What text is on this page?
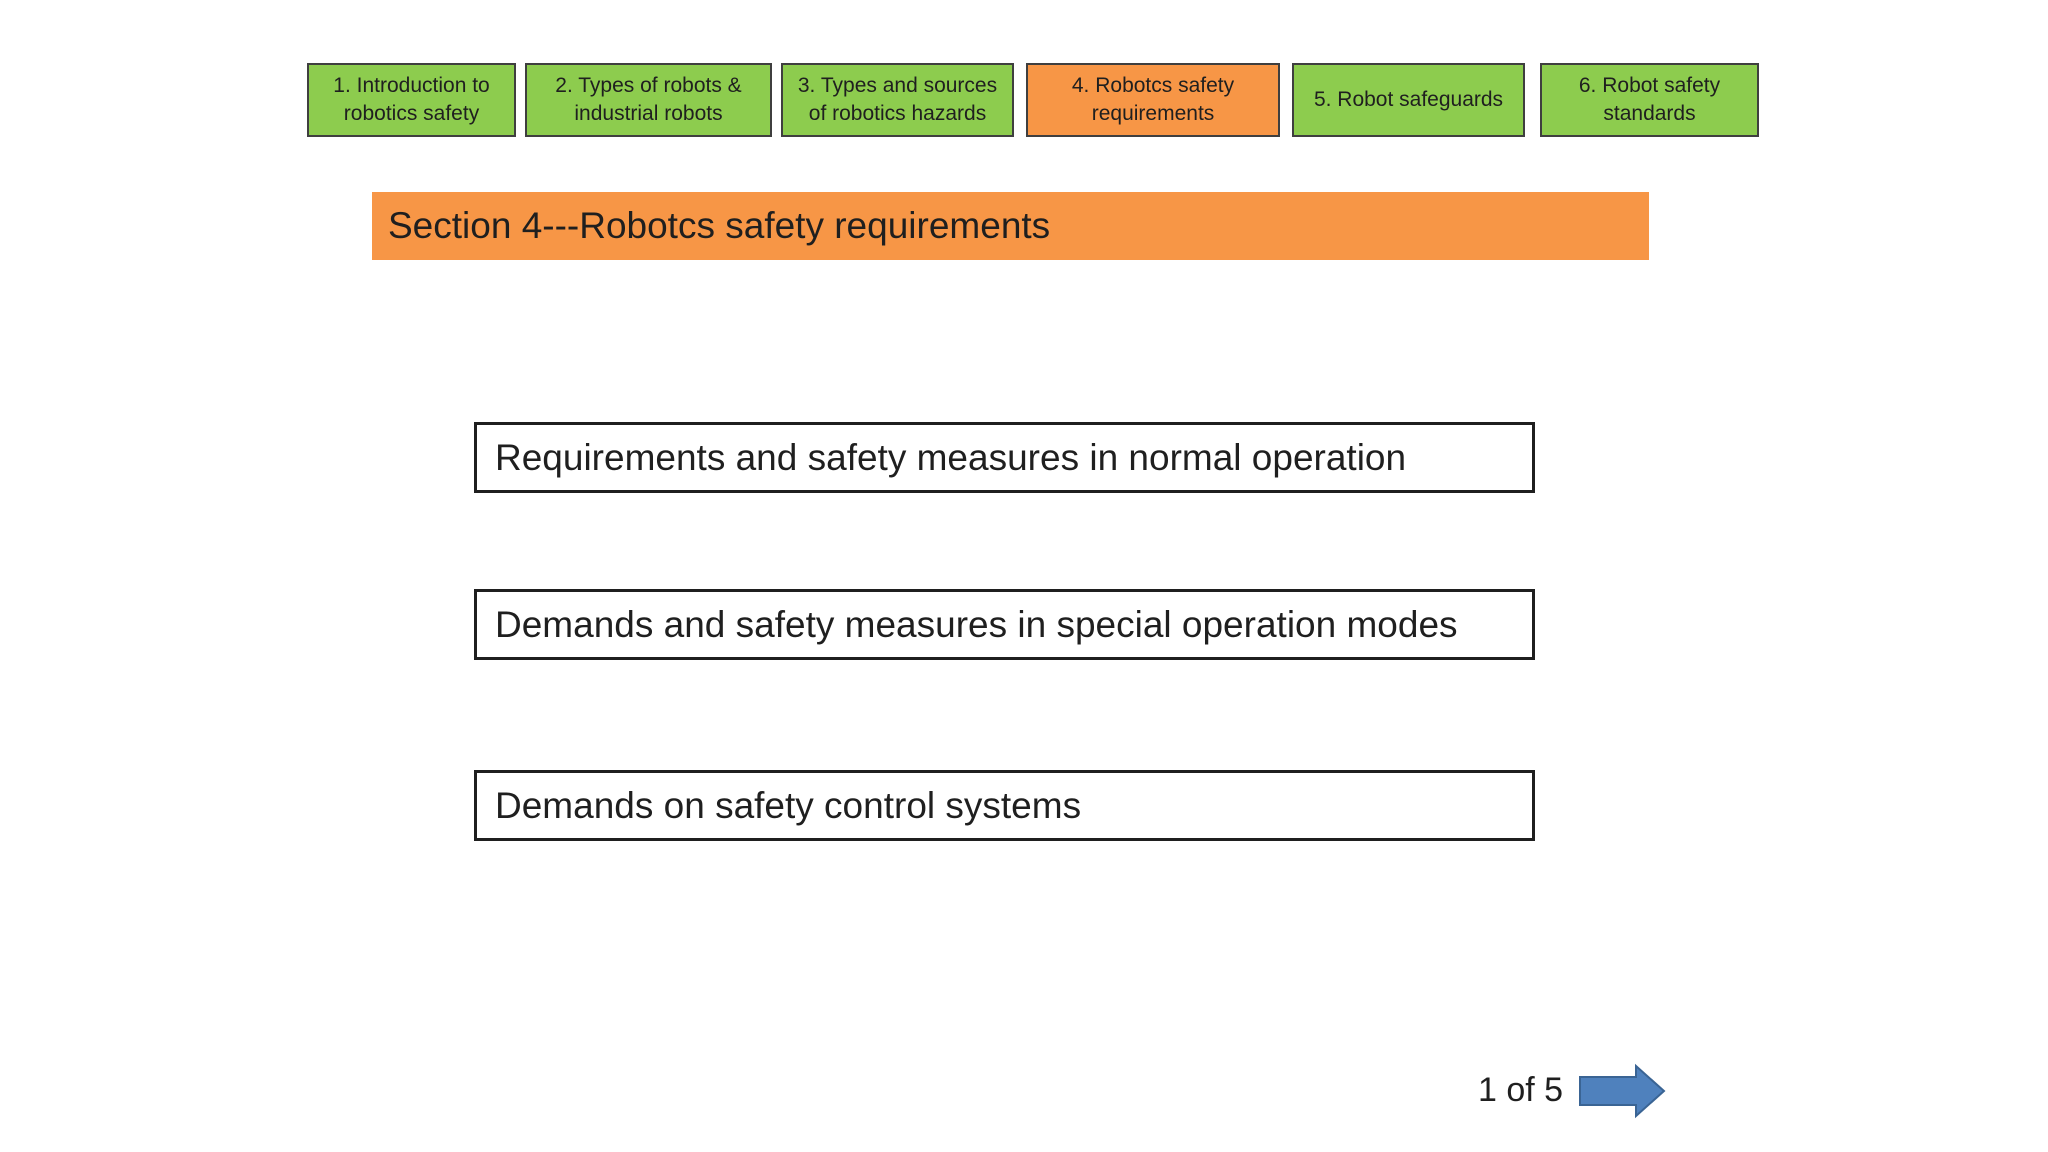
1. Introduction to
robotics safety
2. Types of robots &
industrial robots
3. Types and sources
of robotics hazards
4. Robotcs safety
requirements
5. Robot safeguards
6. Robot safety
standards
Section 4---Robotcs safety requirements
Requirements and safety measures in normal operation
Demands and safety measures in special operation modes
Demands on safety control systems
1 of 5
